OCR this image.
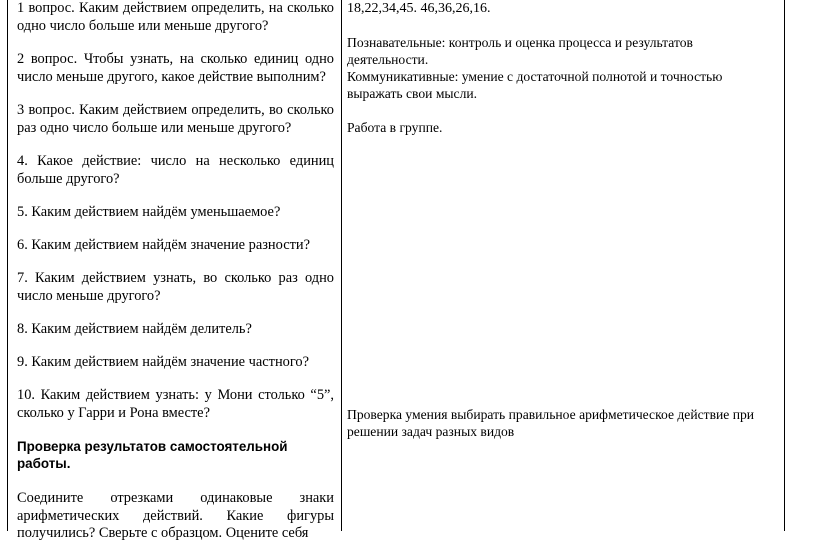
1 вопрос. Каким действием определить, на сколько одно число больше или меньше другого?

2 вопрос. Чтобы узнать, на сколько единиц одно число меньше другого, какое действие выполним?

3 вопрос. Каким действием определить, во сколько раз одно число больше или меньше другого?

4. Какое действие: число на несколько единиц больше другого?

5. Каким действием найдём уменьшаемое?

6. Каким действием найдём значение разности?

7. Каким действием узнать, во сколько раз одно число меньше другого?

8. Каким действием найдём делитель?

9. Каким действием найдём значение частного?

10. Каким действием узнать: у Мони столько “5”, сколько у Гарри и Рона вместе?

Проверка результатов самостоятельной работы.

Соедините отрезками одинаковые знаки арифметических действий. Какие фигуры получились? Сверьте с образцом. Оцените себя

18,22,34,45. 46,36,26,16.

Познавательные: контроль и оценка процесса и результатов деятельности.

Коммуникативные: умение с достаточной полнотой и точностью выражать свои мысли.

Работа в группе.

Проверка умения выбирать правильное арифметическое действие при решении задач разных видов
